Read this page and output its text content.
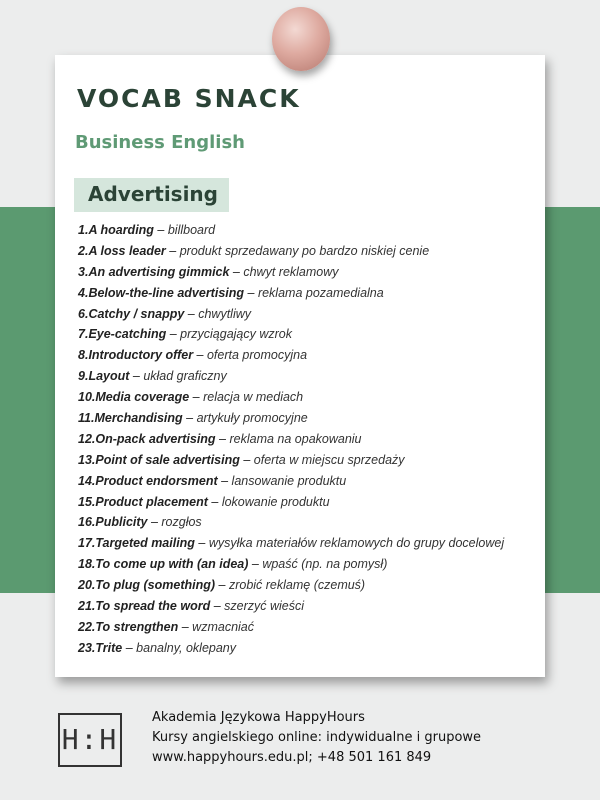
VOCAB SNACK
Business English
Advertising
1.A hoarding – billboard
2.A loss leader – produkt sprzedawany po bardzo niskiej cenie
3.An advertising gimmick – chwyt reklamowy
4.Below-the-line advertising – reklama pozamedialna
6.Catchy / snappy – chwytliwy
7.Eye-catching – przyciągający wzrok
8.Introductory offer – oferta promocyjna
9.Layout – układ graficzny
10.Media coverage – relacja w mediach
11.Merchandising – artykuły promocyjne
12.On-pack advertising – reklama na opakowaniu
13.Point of sale advertising – oferta w miejscu sprzedaży
14.Product endorsment – lansowanie produktu
15.Product placement – lokowanie produktu
16.Publicity – rozgłos
17.Targeted mailing – wysyłka materiałów reklamowych do grupy docelowej
18.To come up with (an idea) – wpaść (np. na pomysł)
20.To plug (something) – zrobić reklamę (czemuś)
21.To spread the word – szerzyć wieści
22.To strengthen – wzmacniać
23.Trite – banalny, oklepany
H:H
Akademia Językowa HappyHours
Kursy angielskiego online: indywidualne i grupowe
www.happyhours.edu.pl; +48 501 161 849
